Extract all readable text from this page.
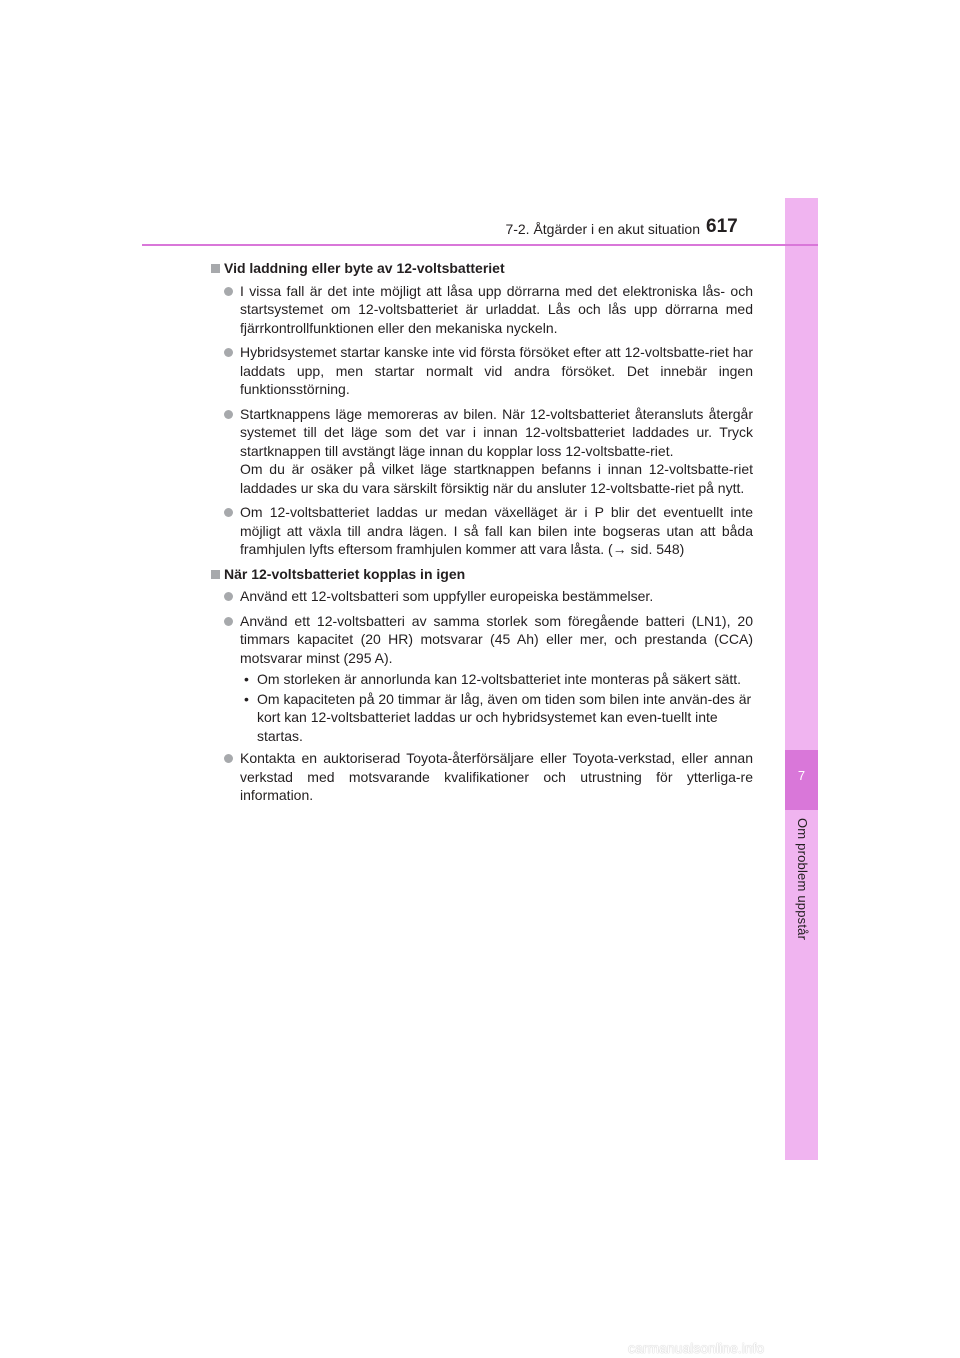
7
Om problem uppstår
7-2. Åtgärder i en akut situation 617
Vid laddning eller byte av 12-voltsbatteriet
I vissa fall är det inte möjligt att låsa upp dörrarna med det elektroniska lås- och startsystemet om 12-voltsbatteriet är urladdat. Lås och lås upp dörrarna med fjärrkontrollfunktionen eller den mekaniska nyckeln.
Hybridsystemet startar kanske inte vid första försöket efter att 12-voltsbatte-riet har laddats upp, men startar normalt vid andra försöket. Det innebär ingen funktionsstörning.
Startknappens läge memoreras av bilen. När 12-voltsbatteriet återansluts återgår systemet till det läge som det var i innan 12-voltsbatteriet laddades ur. Tryck startknappen till avstängt läge innan du kopplar loss 12-voltsbatte-riet.
Om du är osäker på vilket läge startknappen befanns i innan 12-voltsbatte-riet laddades ur ska du vara särskilt försiktig när du ansluter 12-voltsbatte-riet på nytt.
Om 12-voltsbatteriet laddas ur medan växelläget är i P blir det eventuellt inte möjligt att växla till andra lägen. I så fall kan bilen inte bogseras utan att båda framhjulen lyfts eftersom framhjulen kommer att vara låsta. (→ sid. 548)
När 12-voltsbatteriet kopplas in igen
Använd ett 12-voltsbatteri som uppfyller europeiska bestämmelser.
Använd ett 12-voltsbatteri av samma storlek som föregående batteri (LN1), 20 timmars kapacitet (20 HR) motsvarar (45 Ah) eller mer, och prestanda (CCA) motsvarar minst (295 A).
• Om storleken är annorlunda kan 12-voltsbatteriet inte monteras på säkert sätt.
• Om kapaciteten på 20 timmar är låg, även om tiden som bilen inte använ-des är kort kan 12-voltsbatteriet laddas ur och hybridsystemet kan even-tuellt inte startas.
Kontakta en auktoriserad Toyota-återförsäljare eller Toyota-verkstad, eller annan verkstad med motsvarande kvalifikationer och utrustning för ytterliga-re information.
carmanualsonline.info
